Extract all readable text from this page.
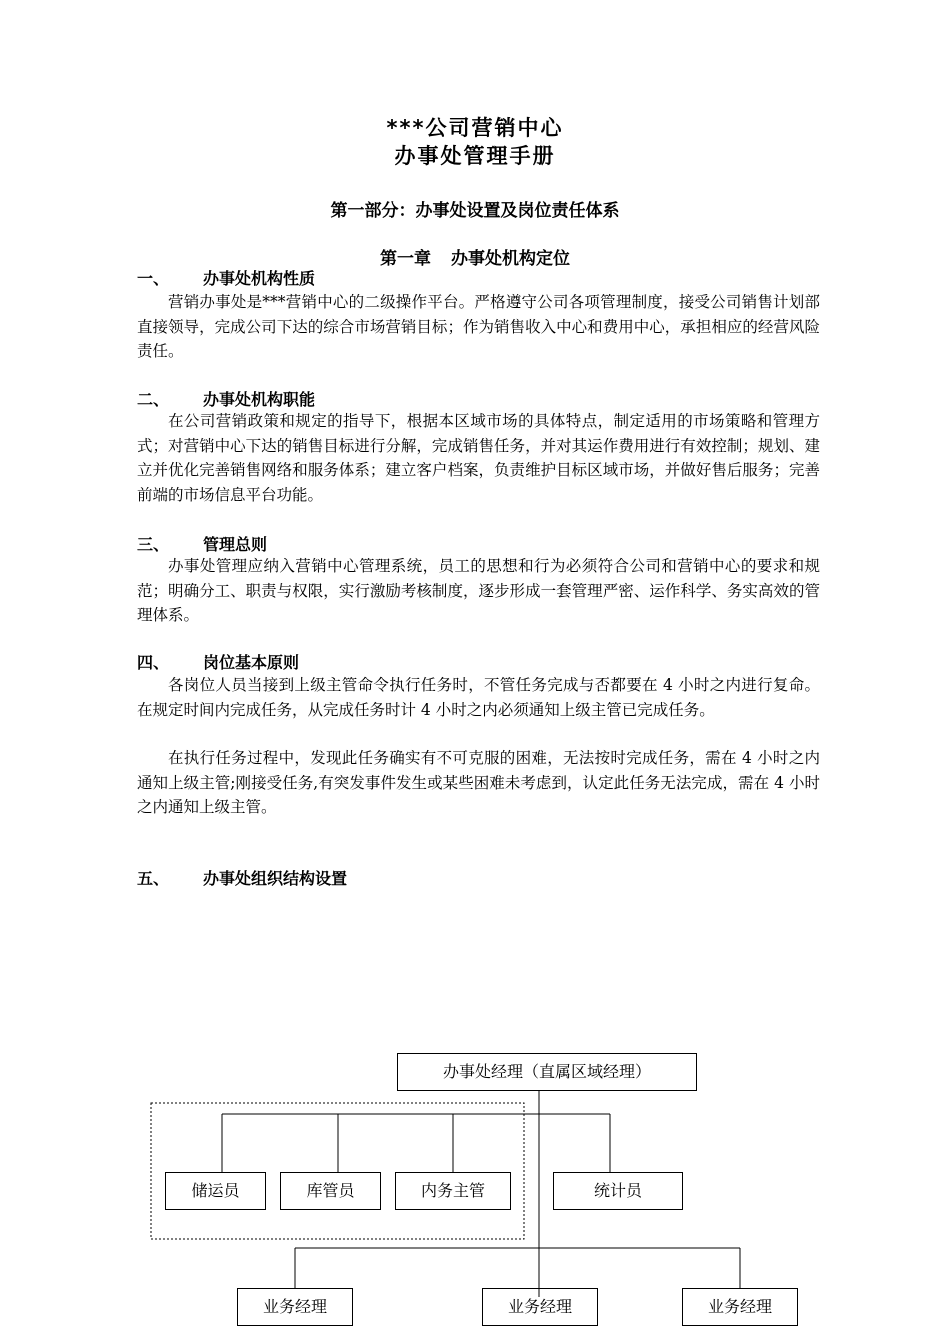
***公司营销中心
办事处管理手册
第一部分：办事处设置及岗位责任体系
第一章 办事处机构定位
一、 办事处机构性质

营销办事处是***营销中心的二级操作平台。严格遵守公司各项管理制度，接受公司销售计划部直接领导，完成公司下达的综合市场营销目标；作为销售收入中心和费用中心，承担相应的经营风险责任。

二、 办事处机构职能

在公司营销政策和规定的指导下，根据本区域市场的具体特点，制定适用的市场策略和管理方式；对营销中心下达的销售目标进行分解，完成销售任务，并对其运作费用进行有效控制；规划、建立并优化完善销售网络和服务体系；建立客户档案，负责维护目标区域市场，并做好售后服务；完善前端的市场信息平台功能。

三、 管理总则

办事处管理应纳入营销中心管理系统，员工的思想和行为必须符合公司和营销中心的要求和规范；明确分工、职责与权限，实行激励考核制度，逐步形成一套管理严密、运作科学、务实高效的管理体系。

四、 岗位基本原则

各岗位人员当接到上级主管命令执行任务时，不管任务完成与否都要在 4 小时之内进行复命。在规定时间内完成任务，从完成任务时计 4 小时之内必须通知上级主管已完成任务。

在执行任务过程中，发现此任务确实有不可克服的困难，无法按时完成任务，需在 4 小时之内通知上级主管;刚接受任务,有突发事件发生或某些困难未考虑到，认定此任务无法完成，需在 4 小时之内通知上级主管。

五、 办事处组织结构设置
办事处经理（直属区域经理）
储运员	库管员	内务主管	统计员
业务经理	业务经理	业务经理
